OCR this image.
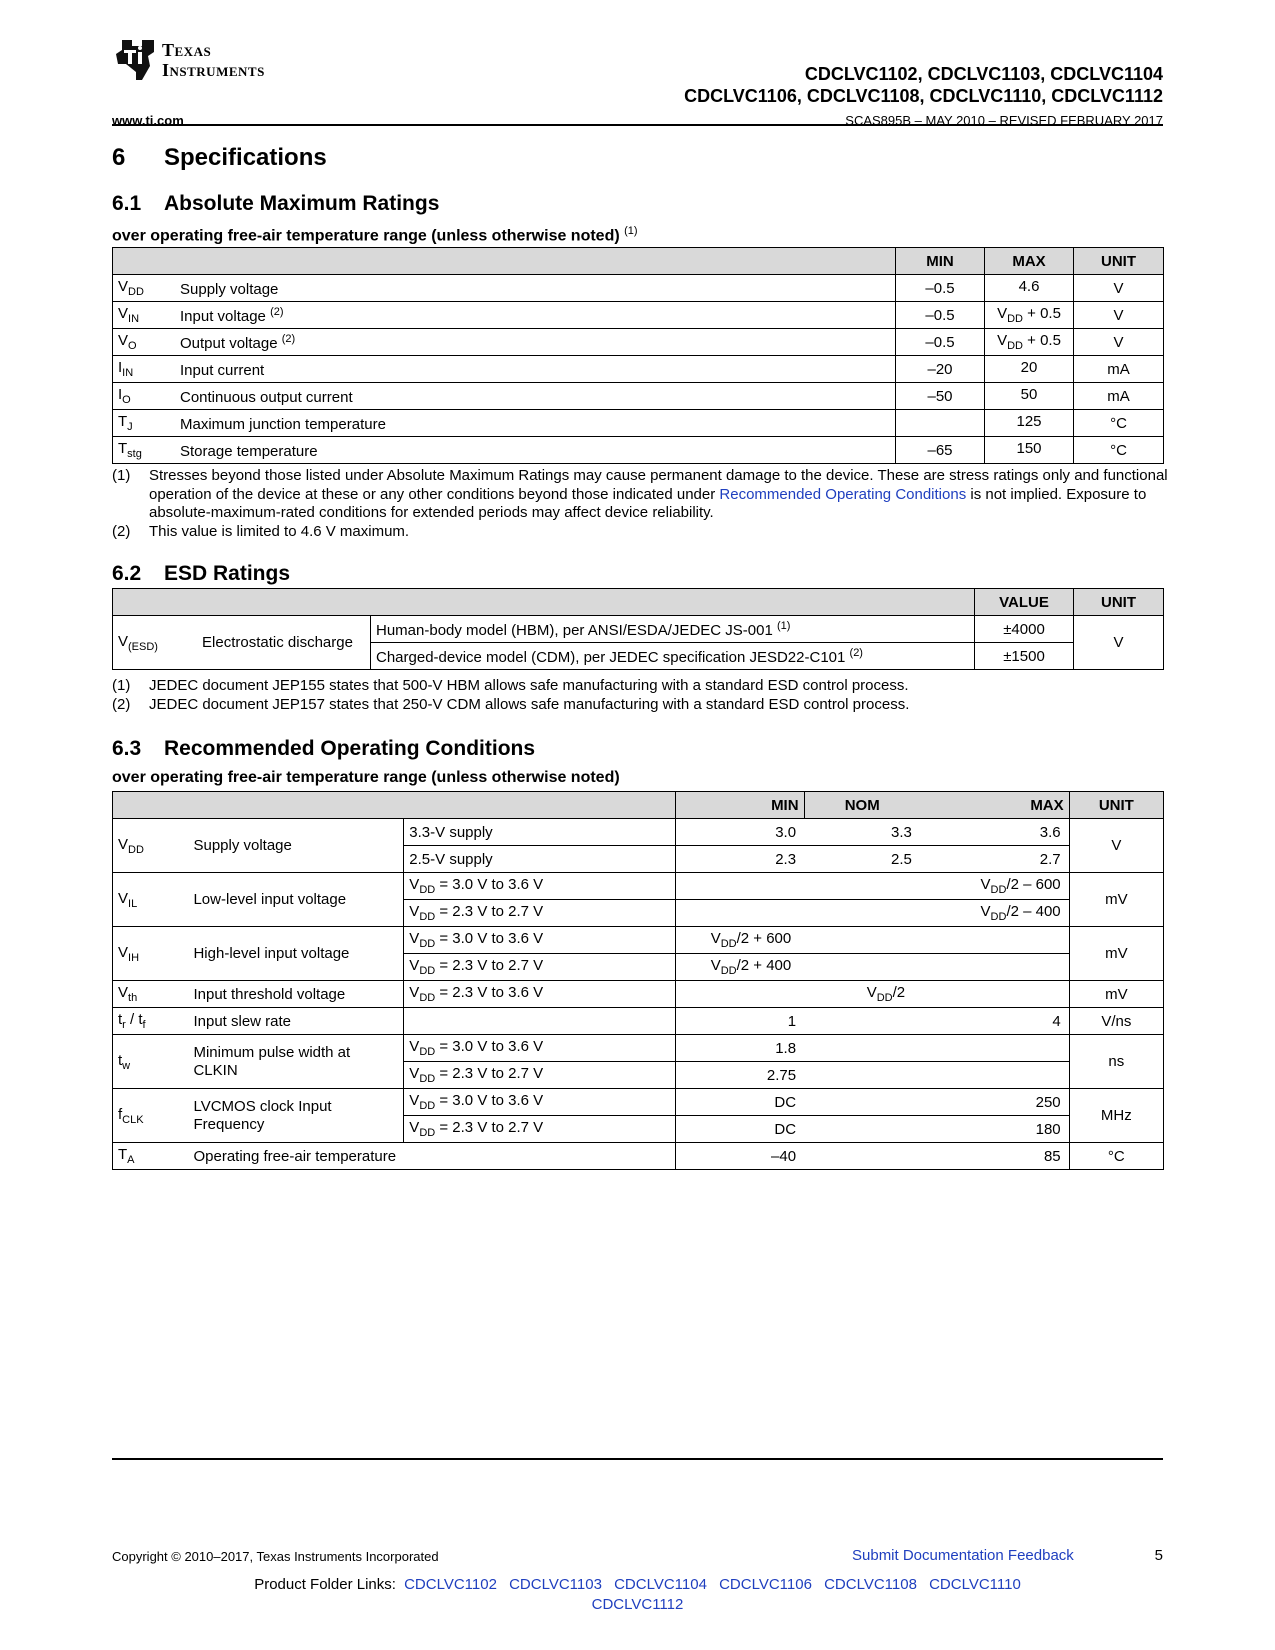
Texas
Instruments	CDCLVC1102, CDCLVC1103, CDCLVC1104
CDCLVC1106, CDCLVC1108, CDCLVC1110, CDCLVC1112
www.ti.com	SCAS895B – MAY 2010 – REVISED FEBRUARY 2017
6 Specifications
6.1 Absolute Maximum Ratings
over operating free-air temperature range (unless otherwise noted) $^{(1)}$
		MIN	MAX	UNIT
$V_{DD}$	Supply voltage	–0.5	4.6	V
$V_{IN}$	Input voltage $^{(2)}$	–0.5	$V_{DD} + 0.5$	V
$V_O$	Output voltage $^{(2)}$	–0.5	$V_{DD} + 0.5$	V
$I_{IN}$	Input current	–20	20	mA
$I_O$	Continuous output current	–50	50	mA
$T_J$	Maximum junction temperature		125	°C
$T_{stg}$	Storage temperature	–65	150	°C
(1)	Stresses beyond those listed under Absolute Maximum Ratings may cause permanent damage to the device. These are stress ratings only and functional operation of the device at these or any other conditions beyond those indicated under Recommended Operating Conditions is not implied. Exposure to absolute-maximum-rated conditions for extended periods may affect device reliability.
(2)	This value is limited to 4.6 V maximum.
6.2 ESD Ratings
			VALUE	UNIT
$V_{(ESD)}$	Electrostatic discharge	Human-body model (HBM), per ANSI/ESDA/JEDEC JS-001 $^{(1)}$	±4000	V
		Charged-device model (CDM), per JEDEC specification JESD22-C101 $^{(2)}$	±1500	
(1)	JEDEC document JEP155 states that 500-V HBM allows safe manufacturing with a standard ESD control process.
(2)	JEDEC document JEP157 states that 250-V CDM allows safe manufacturing with a standard ESD control process.
6.3 Recommended Operating Conditions
over operating free-air temperature range (unless otherwise noted)
			MIN	NOM	MAX	UNIT
$V_{DD}$	Supply voltage	3.3-V supply	3.0	3.3	3.6	V
		2.5-V supply	2.3	2.5	2.7	
$V_{IL}$	Low-level input voltage	$V_{DD} = 3.0$ V to 3.6 V	$V_{DD}/2 - 600$			mV
		$V_{DD} = 2.3$ V to 2.7 V	$V_{DD}/2 - 400$			
$V_{IH}$	High-level input voltage	$V_{DD} = 3.0$ V to 3.6 V	$V_{DD}/2 + 600$			mV
		$V_{DD} = 2.3$ V to 2.7 V	$V_{DD}/2 + 400$			
$V_{th}$	Input threshold voltage	$V_{DD} = 2.3$ V to 3.6 V	$V_{DD}/2$			mV
$t_r / t_f$	Input slew rate		1		4	V/ns
$t_w$	Minimum pulse width at CLKIN	$V_{DD} = 3.0$ V to 3.6 V	1.8			ns
		$V_{DD} = 2.3$ V to 2.7 V	2.75			
$f_{CLK}$	LVCMOS clock Input Frequency	$V_{DD} = 3.0$ V to 3.6 V	DC		250	MHz
		$V_{DD} = 2.3$ V to 2.7 V	DC		180	
$T_A$	Operating free-air temperature		–40		85	°C
Copyright © 2010–2017, Texas Instruments Incorporated	Submit Documentation Feedback	5
Product Folder Links: CDCLVC1102 CDCLVC1103 CDCLVC1104 CDCLVC1106 CDCLVC1108 CDCLVC1110
CDCLVC1112
